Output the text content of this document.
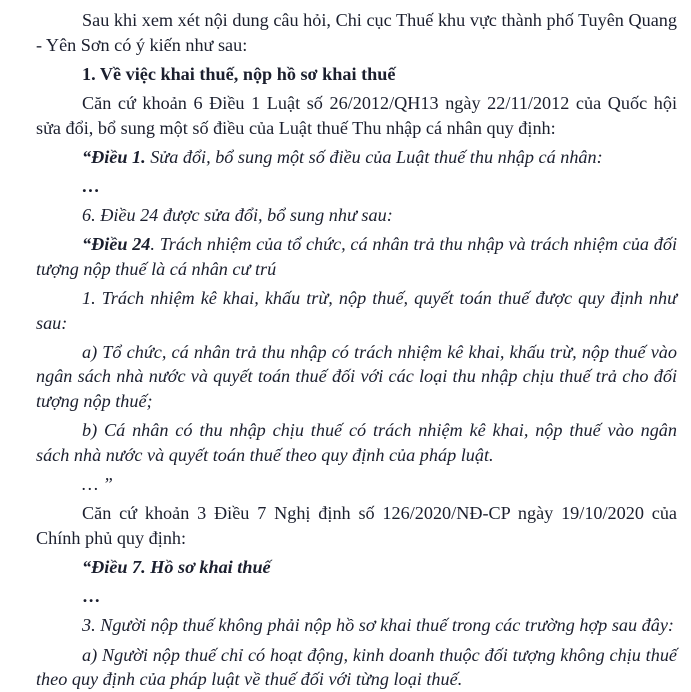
Sau khi xem xét nội dung câu hỏi, Chi cục Thuế khu vực thành phố Tuyên Quang - Yên Sơn có ý kiến như sau:

1. Về việc khai thuế, nộp hồ sơ khai thuế

Căn cứ khoản 6 Điều 1 Luật số 26/2012/QH13 ngày 22/11/2012 của Quốc hội sửa đổi, bổ sung một số điều của Luật thuế Thu nhập cá nhân quy định:

“Điều 1. Sửa đổi, bổ sung một số điều của Luật thuế thu nhập cá nhân:

…

6. Điều 24 được sửa đổi, bổ sung như sau:

“Điều 24. Trách nhiệm của tổ chức, cá nhân trả thu nhập và trách nhiệm của đối tượng nộp thuế là cá nhân cư trú

1. Trách nhiệm kê khai, khấu trừ, nộp thuế, quyết toán thuế được quy định như sau:

a) Tổ chức, cá nhân trả thu nhập có trách nhiệm kê khai, khấu trừ, nộp thuế vào ngân sách nhà nước và quyết toán thuế đối với các loại thu nhập chịu thuế trả cho đối tượng nộp thuế;

b) Cá nhân có thu nhập chịu thuế có trách nhiệm kê khai, nộp thuế vào ngân sách nhà nước và quyết toán thuế theo quy định của pháp luật.

… ”

Căn cứ khoản 3 Điều 7 Nghị định số 126/2020/NĐ-CP ngày 19/10/2020 của Chính phủ quy định:

“Điều 7. Hồ sơ khai thuế

…

3. Người nộp thuế không phải nộp hồ sơ khai thuế trong các trường hợp sau đây:

a) Người nộp thuế chỉ có hoạt động, kinh doanh thuộc đối tượng không chịu thuế theo quy định của pháp luật về thuế đối với từng loại thuế.
